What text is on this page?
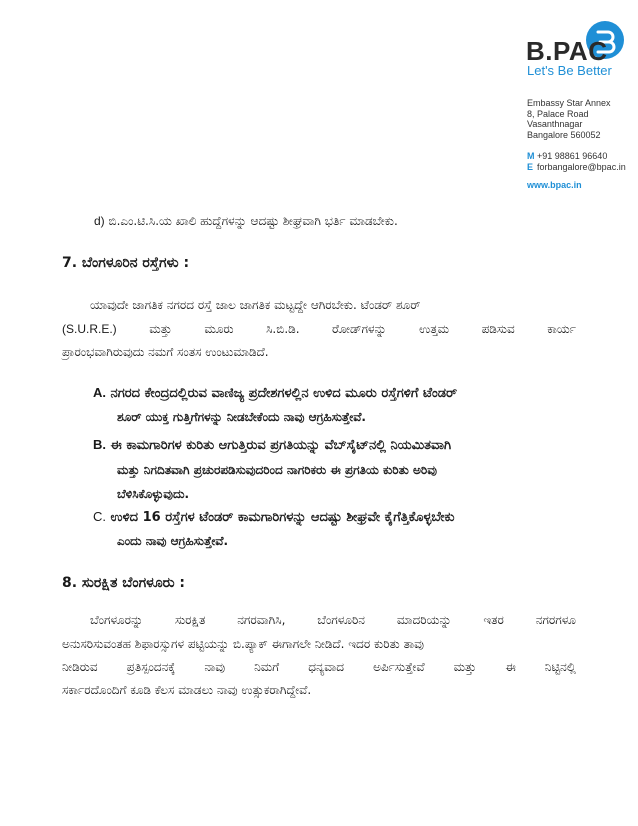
B.PAC
Let's Be Better
Embassy Star Annex
8, Palace Road
Vasanthnagar
Bangalore 560052
M +91 98861 96640
E forbangalore@bpac.in
www.bpac.in
d) ಬಿ.ಎಂ.ಟಿ.ಸಿ.ಯ ಖಾಲಿ ಹುದ್ದೆಗಳನ್ನು ಆದಷ್ಟು ಶೀಘ್ರವಾಗಿ ಭರ್ತಿ ಮಾಡಬೇಕು.
7. ಬೆಂಗಳೂರಿನ ರಸ್ತೆಗಳು :
ಯಾವುದೇ ಜಾಗತಿಕ ನಗರದ ರಸ್ತೆ ಜಾಲ ಜಾಗತಿಕ ಮಟ್ಟದ್ದೇ ಆಗಿರಬೇಕು. ಟೆಂಡರ್ ಶೂರ್
(S.U.R.E.)	ಮತ್ತು	ಮೂರು	ಸಿ.ಬಿ.ಡಿ.	ರೋಡ್‌ಗಳನ್ನು	ಉತ್ತಮ	ಪಡಿಸುವ	ಕಾರ್ಯ
ಪ್ರಾರಂಭವಾಗಿರುವುದು ನಮಗೆ ಸಂತಸ ಉಂಟುಮಾಡಿದೆ.
A. ನಗರದ ಕೇಂದ್ರದಲ್ಲಿರುವ ವಾಣಿಜ್ಯ ಪ್ರದೇಶಗಳಲ್ಲಿನ ಉಳಿದ ಮೂರು ರಸ್ತೆಗಳಿಗೆ ಟೆಂಡರ್
ಶೂರ್ ಯುಕ್ತ ಗುತ್ತಿಗೆಗಳನ್ನು ನೀಡಬೇಕೆಂದು ನಾವು ಆಗ್ರಹಿಸುತ್ತೇವೆ.
B. ಈ ಕಾಮಗಾರಿಗಳ ಕುರಿತು ಆಗುತ್ತಿರುವ ಪ್ರಗತಿಯನ್ನು ವೆಬ್‌ಸೈಟ್‌ನಲ್ಲಿ ನಿಯಮಿತವಾಗಿ
ಮತ್ತು ನಿಗದಿತವಾಗಿ ಪ್ರಚುರಪಡಿಸುವುದರಿಂದ ನಾಗರಿಕರು ಈ ಪ್ರಗತಿಯ ಕುರಿತು ಅರಿವು
ಬೆಳಿಸಿಕೊಳ್ಳುವುದು.
C. ಉಳಿದ 16 ರಸ್ತೆಗಳ ಟೆಂಡರ್ ಕಾಮಗಾರಿಗಳನ್ನು ಆದಷ್ಟು ಶೀಘ್ರವೇ ಕೈಗೆತ್ತಿಕೊಳ್ಳಬೇಕು
ಎಂದು ನಾವು ಆಗ್ರಹಿಸುತ್ತೇವೆ.
8. ಸುರಕ್ಷಿತ ಬೆಂಗಳೂರು :
ಬೆಂಗಳೂರನ್ನು	ಸುರಕ್ಷಿತ	ನಗರವಾಗಿಸಿ,	ಬೆಂಗಳೂರಿನ	ಮಾದರಿಯನ್ನು	ಇತರ	ನಗರಗಳೂ
ಅನುಸರಿಸುವಂತಹ ಶಿಫಾರಸ್ಸುಗಳ ಪಟ್ಟಿಯನ್ನು ಬಿ.ಪ್ಯಾಕ್ ಈಗಾಗಲೇ ನೀಡಿದೆ. ಇದರ ಕುರಿತು ತಾವು
ನೀಡಿರುವ ಪ್ರತಿಸ್ಪಂದನಕ್ಕೆ ನಾವು ನಿಮಗೆ ಧನ್ಯವಾದ ಅರ್ಪಿಸುತ್ತೇವೆ ಮತ್ತು ಈ ನಿಟ್ಟಿನಲ್ಲಿ
ಸರ್ಕಾರದೊಂದಿಗೆ ಕೂಡಿ ಕೆಲಸ ಮಾಡಲು ನಾವು ಉತ್ಸುಕರಾಗಿದ್ದೇವೆ.
